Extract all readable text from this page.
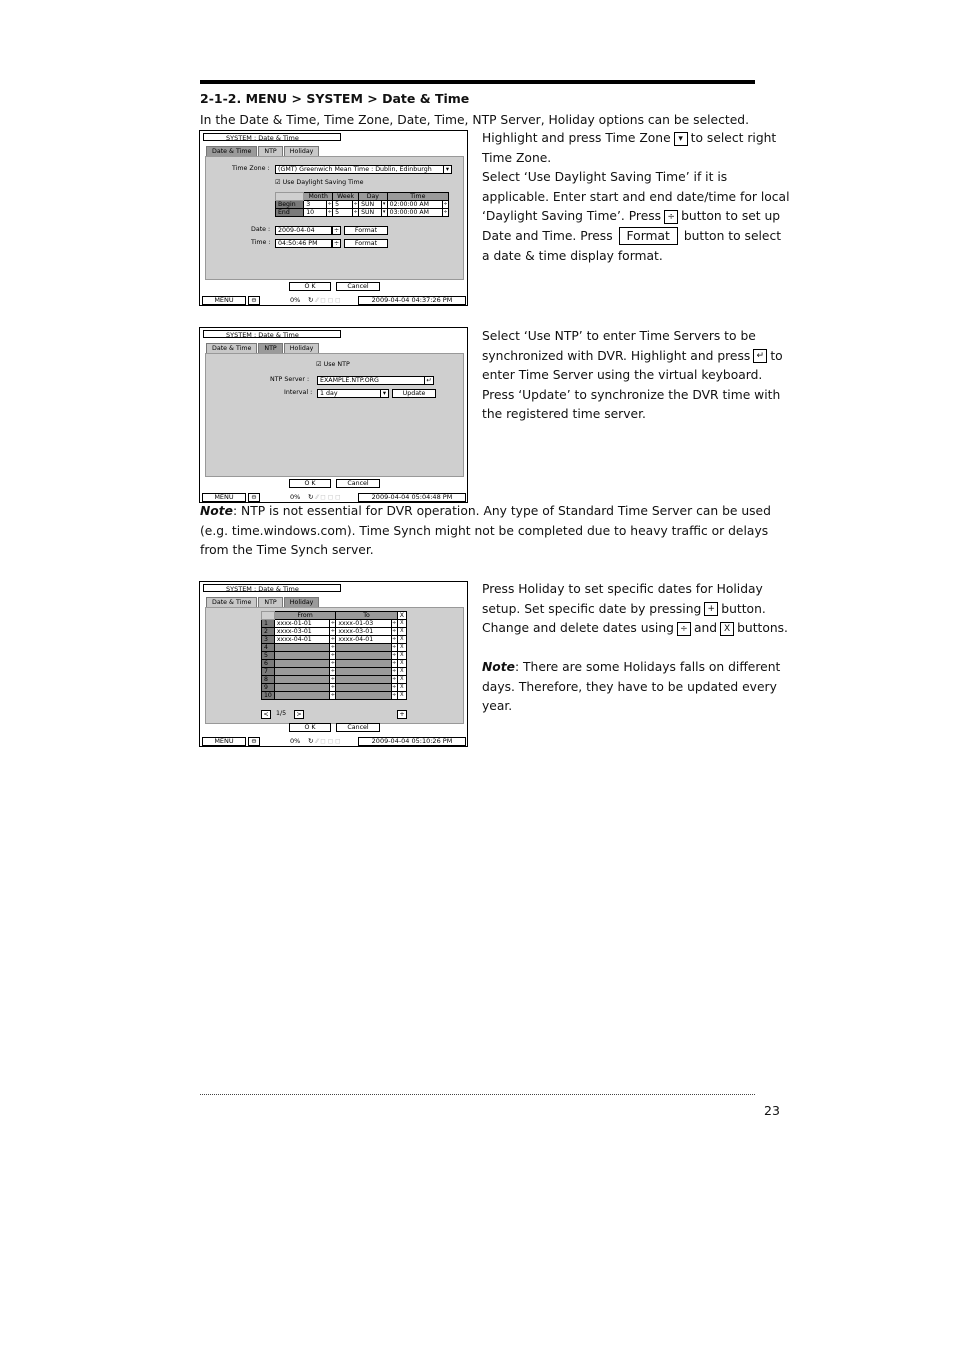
2-1-2. MENU > SYSTEM > Date & Time
In the Date & Time, Time Zone, Date, Time, NTP Server, Holiday options can be selected.
SYSTEM : Date & Time
Date & Time	NTP	Holiday
Time Zone :	(GMT) Greenwich Mean Time : Dublin, Edinburgh	▾
☑ Use Daylight Saving Time
	Month		Week		Day		Time	
Begin	3	÷	5	÷	SUN	▾	02:00:00 AM	÷
End	10	÷	5	÷	SUN	▾	03:00:00 AM	÷
Date :	2009-04-04	÷	Format
Time :	04:50:46 PM	÷	Format
O K	Cancel
MENU	⊖	0% ↻ ⁄⁄ ◻ ◻ ◻	2009-04-04 04:37:26 PM
Highlight and press Time Zone ▾ to select right Time Zone.
Select ‘Use Daylight Saving Time’ if it is applicable. Enter start and end date/time for local ‘Daylight Saving Time’. Press ÷ button to set up Date and Time. Press Format button to select a date & time display format.
SYSTEM : Date & Time
Date & Time	NTP	Holiday
☑ Use NTP
NTP Server :	EXAMPLE.NTP.ORG	↵
Interval :	1 day	▾	Update
O K	Cancel
MENU	⊖	0% ↻ ⁄⁄ ◻ ◻ ◻	2009-04-04 05:04:48 PM
Select ‘Use NTP’ to enter Time Servers to be synchronized with DVR. Highlight and press ↵ to enter Time Server using the virtual keyboard. Press ‘Update’ to synchronize the DVR time with the registered time server.
Note: NTP is not essential for DVR operation. Any type of Standard Time Server can be used (e.g. time.windows.com). Time Synch might not be completed due to heavy traffic or delays from the Time Synch server.
SYSTEM : Date & Time
Date & Time	NTP	Holiday
	From		To		X
1	xxxx-01-01	÷	xxxx-01-03	÷	X
2	xxxx-03-01	÷	xxxx-03-01	÷	X
3	xxxx-04-01	÷	xxxx-04-01	÷	X
4		÷		÷	X
5		÷		÷	X
6		÷		÷	X
7		÷		÷	X
8		÷		÷	X
9		÷		÷	X
10		÷		÷	X
<	1/5	>	+
O K	Cancel
MENU	⊖	0% ↻ ⁄⁄ ◻ ◻ ◻	2009-04-04 05:10:26 PM
Press Holiday to set specific dates for Holiday setup. Set specific date by pressing + button. Change and delete dates using ÷ and X buttons.
Note: There are some Holidays falls on different days. Therefore, they have to be updated every year.
23
